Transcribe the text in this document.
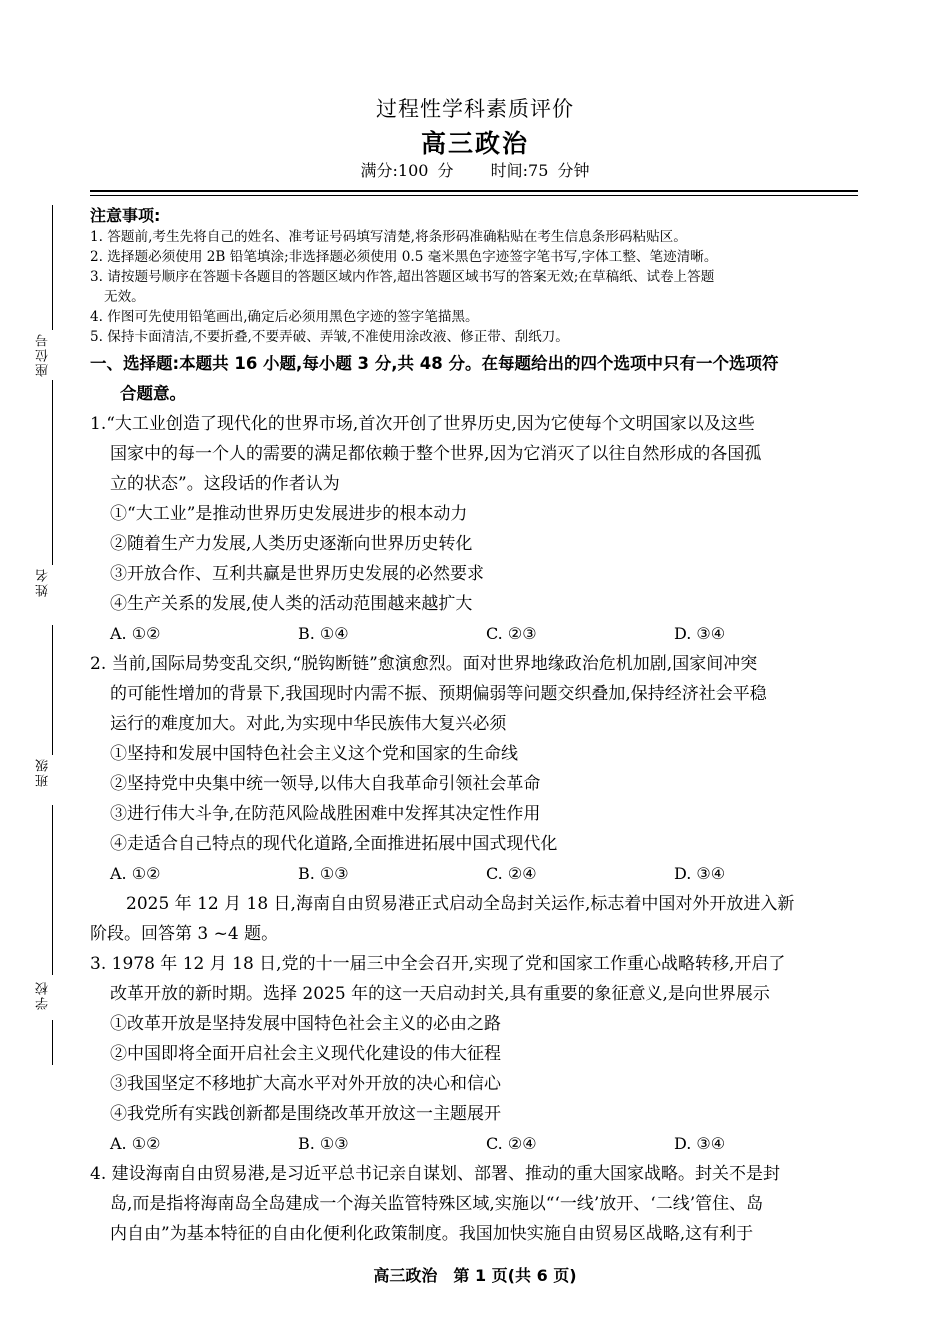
座位号
姓名
班级
学校
过程性学科素质评价
高三政治
满分:100 分 时间:75 分钟
注意事项:
1. 答题前,考生先将自己的姓名、准考证号码填写清楚,将条形码准确粘贴在考生信息条形码粘贴区。
2. 选择题必须使用 2B 铅笔填涂;非选择题必须使用 0.5 毫米黑色字迹签字笔书写,字体工整、笔迹清晰。
3. 请按题号顺序在答题卡各题目的答题区域内作答,超出答题区域书写的答案无效;在草稿纸、试卷上答题
无效。
4. 作图可先使用铅笔画出,确定后必须用黑色字迹的签字笔描黑。
5. 保持卡面清洁,不要折叠,不要弄破、弄皱,不准使用涂改液、修正带、刮纸刀。
一、选择题:本题共 16 小题,每小题 3 分,共 48 分。在每题给出的四个选项中只有一个选项符
合题意。
1.“大工业创造了现代化的世界市场,首次开创了世界历史,因为它使每个文明国家以及这些
国家中的每一个人的需要的满足都依赖于整个世界,因为它消灭了以往自然形成的各国孤
立的状态”。这段话的作者认为
①“大工业”是推动世界历史发展进步的根本动力
②随着生产力发展,人类历史逐渐向世界历史转化
③开放合作、互利共赢是世界历史发展的必然要求
④生产关系的发展,使人类的活动范围越来越扩大
A. ①②	B. ①④	C. ②③	D. ③④
2. 当前,国际局势变乱交织,“脱钩断链”愈演愈烈。面对世界地缘政治危机加剧,国家间冲突
的可能性增加的背景下,我国现时内需不振、预期偏弱等问题交织叠加,保持经济社会平稳
运行的难度加大。对此,为实现中华民族伟大复兴必须
①坚持和发展中国特色社会主义这个党和国家的生命线
②坚持党中央集中统一领导,以伟大自我革命引领社会革命
③进行伟大斗争,在防范风险战胜困难中发挥其决定性作用
④走适合自己特点的现代化道路,全面推进拓展中国式现代化
A. ①②	B. ①③	C. ②④	D. ③④
2025 年 12 月 18 日,海南自由贸易港正式启动全岛封关运作,标志着中国对外开放进入新
阶段。回答第 3 ~4 题。
3. 1978 年 12 月 18 日,党的十一届三中全会召开,实现了党和国家工作重心战略转移,开启了
改革开放的新时期。选择 2025 年的这一天启动封关,具有重要的象征意义,是向世界展示
①改革开放是坚持发展中国特色社会主义的必由之路
②中国即将全面开启社会主义现代化建设的伟大征程
③我国坚定不移地扩大高水平对外开放的决心和信心
④我党所有实践创新都是围绕改革开放这一主题展开
A. ①②	B. ①③	C. ②④	D. ③④
4. 建设海南自由贸易港,是习近平总书记亲自谋划、部署、推动的重大国家战略。封关不是封
岛,而是指将海南岛全岛建成一个海关监管特殊区域,实施以“‘一线’放开、‘二线’管住、岛
内自由”为基本特征的自由化便利化政策制度。我国加快实施自由贸易区战略,这有利于
高三政治　第 1 页(共 6 页)
